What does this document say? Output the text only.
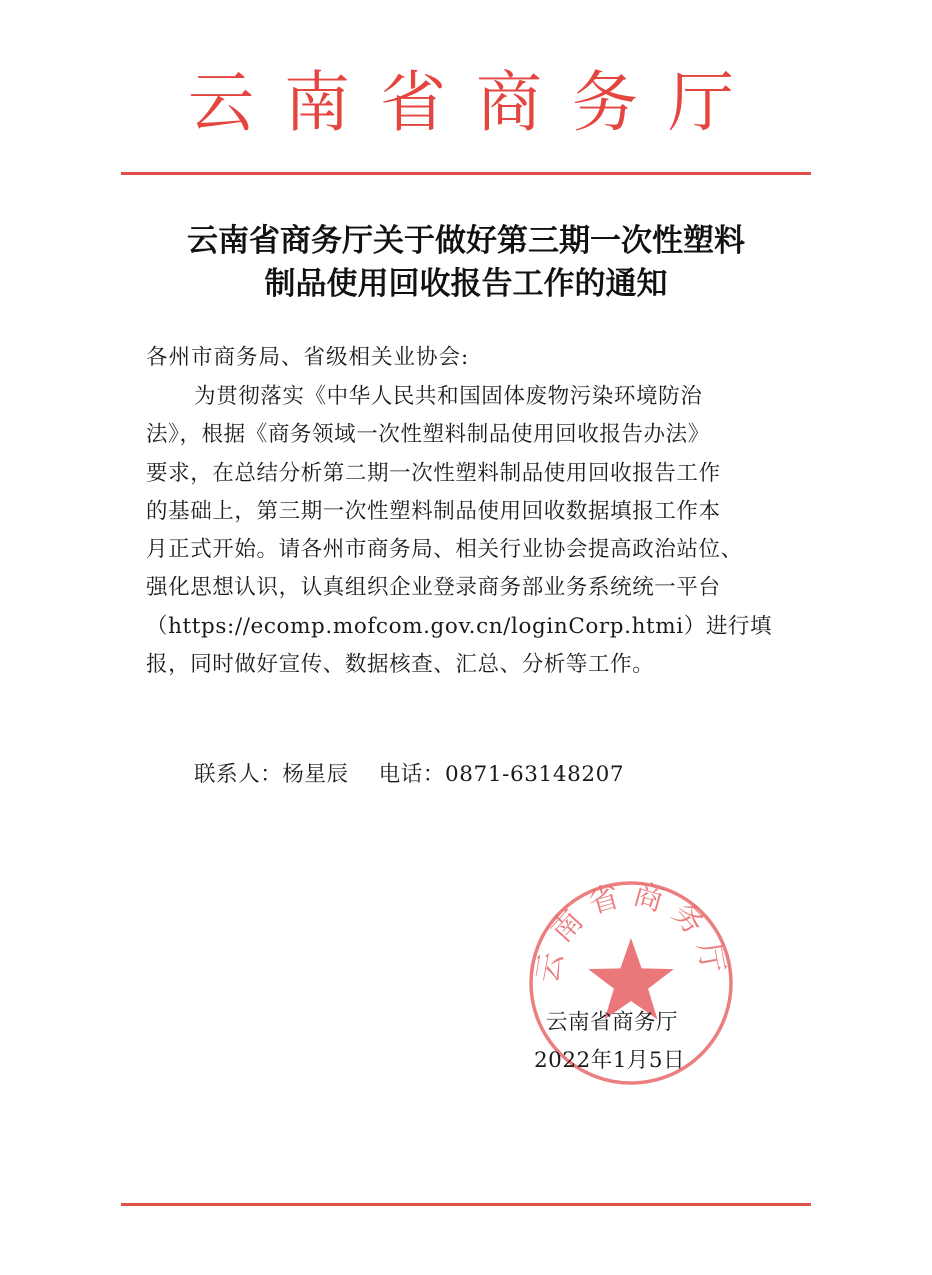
云南省商务厅
云南省商务厅关于做好第三期一次性塑料
制品使用回收报告工作的通知
各州市商务局、省级相关业协会:
为贯彻落实《中华人民共和国固体废物污染环境防治
法》，根据《商务领域一次性塑料制品使用回收报告办法》
要求，在总结分析第二期一次性塑料制品使用回收报告工作
的基础上，第三期一次性塑料制品使用回收数据填报工作本
月正式开始。请各州市商务局、相关行业协会提高政治站位、
强化思想认识，认真组织企业登录商务部业务系统统一平台
（https://ecomp.mofcom.gov.cn/loginCorp.htmi）进行填
报，同时做好宣传、数据核查、汇总、分析等工作。
联系人：杨星辰 电话：0871-63148207
云南省商务厅
云南省商务厅
2022年1月5日
